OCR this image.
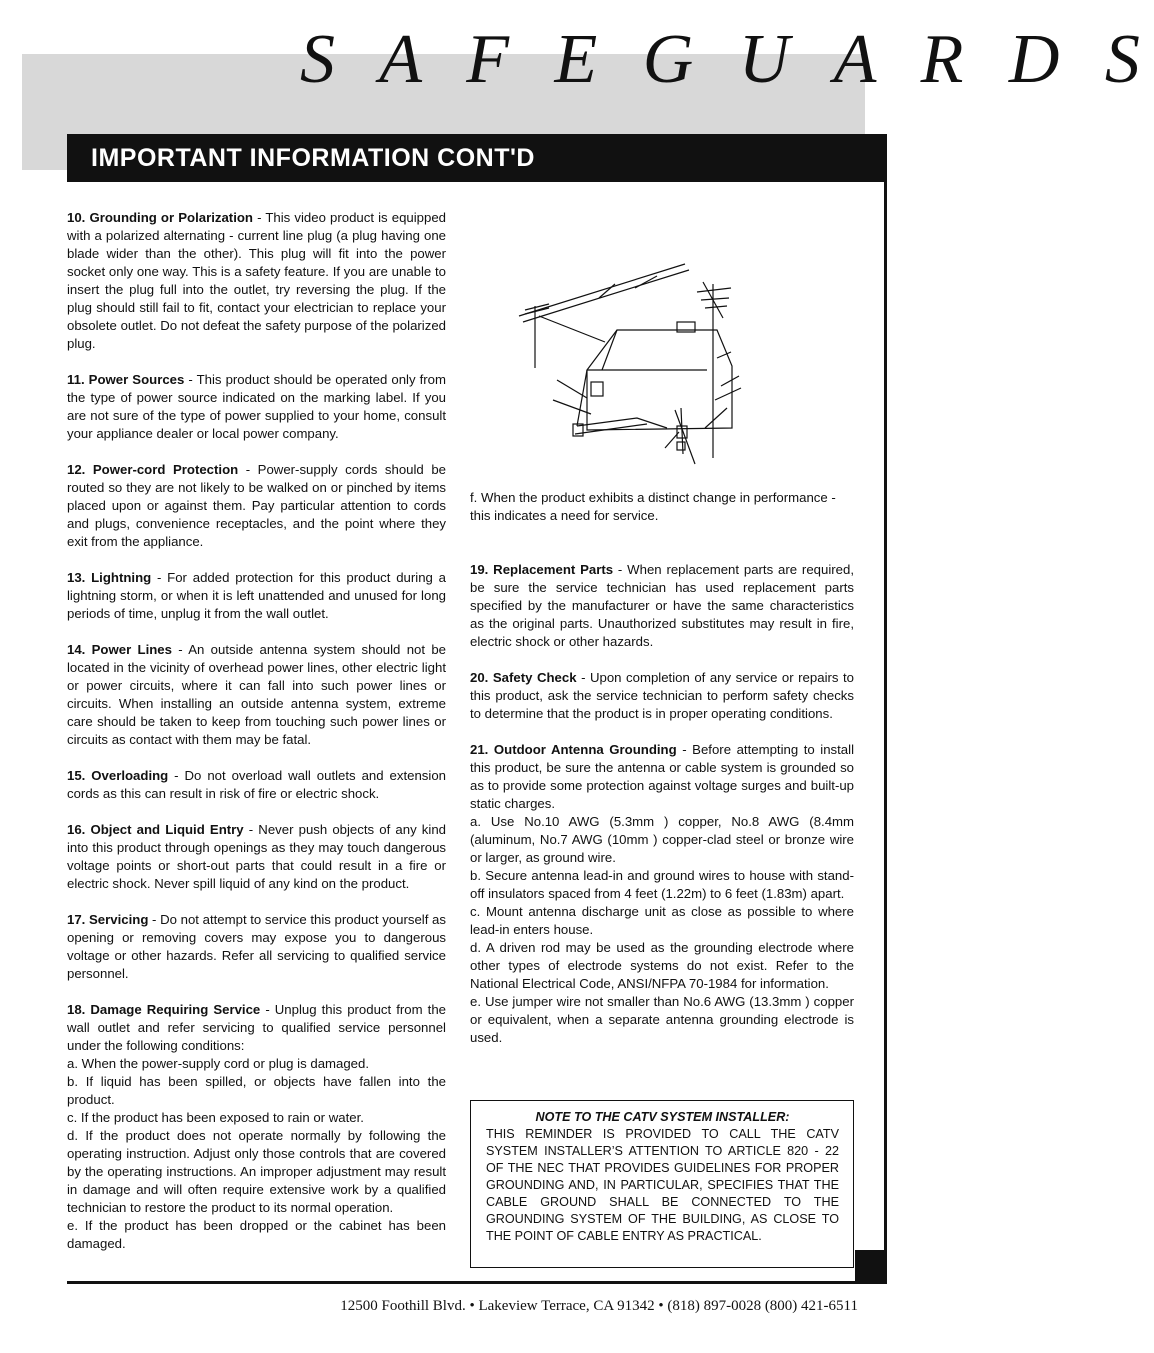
S A F E G U A R D S
IMPORTANT INFORMATION CONT'D

10. Grounding or Polarization - This video product is equipped with a polarized alternating - current line plug (a plug having one blade wider than the other). This plug will fit into the power socket only one way. This is a safety feature. If you are unable to insert the plug full into the outlet, try reversing the plug. If the plug should still fail to fit, contact your electrician to replace your obsolete outlet. Do not defeat the safety purpose of the polarized plug.

11. Power Sources - This product should be operated only from the type of power source indicated on the marking label. If you are not sure of the type of power supplied to your home, consult your appliance dealer or local power company.

12. Power-cord Protection - Power-supply cords should be routed so they are not likely to be walked on or pinched by items placed upon or against them. Pay particular attention to cords and plugs, convenience receptacles, and the point where they exit from the appliance.

13. Lightning - For added protection for this product during a lightning storm, or when it is left unattended and unused for long periods of time, unplug it from the wall outlet.

14. Power Lines - An outside antenna system should not be located in the vicinity of overhead power lines, other electric light or power circuits, where it can fall into such power lines or circuits. When installing an outside antenna system, extreme care should be taken to keep from touching such power lines or circuits as contact with them may be fatal.

15. Overloading - Do not overload wall outlets and extension cords as this can result in risk of fire or electric shock.

16. Object and Liquid Entry - Never push objects of any kind into this product through openings as they may touch dangerous voltage points or short-out parts that could result in a fire or electric shock. Never spill liquid of any kind on the product.

17. Servicing - Do not attempt to service this product yourself as opening or removing covers may expose you to dangerous voltage or other hazards. Refer all servicing to qualified service personnel.

18. Damage Requiring Service - Unplug this product from the wall outlet and refer servicing to qualified service personnel under the following conditions:
a. When the power-supply cord or plug is damaged.
b. If liquid has been spilled, or objects have fallen into the product.
c. If the product has been exposed to rain or water.
d. If the product does not operate normally by following the operating instruction. Adjust only those controls that are covered by the operating instructions. An improper adjustment may result in damage and will often require extensive work by a qualified technician to restore the product to its normal operation.
e. If the product has been dropped or the cabinet has been damaged.

f. When the product exhibits a distinct change in performance - this indicates a need for service.

19. Replacement Parts - When replacement parts are required, be sure the service technician has used replacement parts specified by the manufacturer or have the same characteristics as the original parts. Unauthorized substitutes may result in fire, electric shock or other hazards.

20. Safety Check - Upon completion of any service or repairs to this product, ask the service technician to perform safety checks to determine that the product is in proper operating conditions.

21. Outdoor Antenna Grounding - Before attempting to install this product, be sure the antenna or cable system is grounded so as to provide some protection against voltage surges and built-up static charges.
a. Use No.10 AWG (5.3mm ) copper, No.8 AWG (8.4mm (aluminum, No.7 AWG (10mm ) copper-clad steel or bronze wire or larger, as ground wire.
b. Secure antenna lead-in and ground wires to house with stand-off insulators spaced from 4 feet (1.22m) to 6 feet (1.83m) apart.
c. Mount antenna discharge unit as close as possible to where lead-in enters house.
d. A driven rod may be used as the grounding electrode where other types of electrode systems do not exist. Refer to the National Electrical Code, ANSI/NFPA 70-1984 for information.
e. Use jumper wire not smaller than No.6 AWG (13.3mm ) copper or equivalent, when a separate antenna grounding electrode is used.

NOTE TO THE CATV SYSTEM INSTALLER:
THIS REMINDER IS PROVIDED TO CALL THE CATV SYSTEM INSTALLER’S ATTENTION TO ARTICLE 820 - 22 OF THE NEC THAT PROVIDES GUIDELINES FOR PROPER GROUNDING AND, IN PARTICULAR, SPECIFIES THAT THE CABLE GROUND SHALL BE CONNECTED TO THE GROUNDING SYSTEM OF THE BUILDING, AS CLOSE TO THE POINT OF CABLE ENTRY AS PRACTICAL.
12500 Foothill Blvd. • Lakeview Terrace, CA 91342 • (818) 897-0028 (800) 421-6511
